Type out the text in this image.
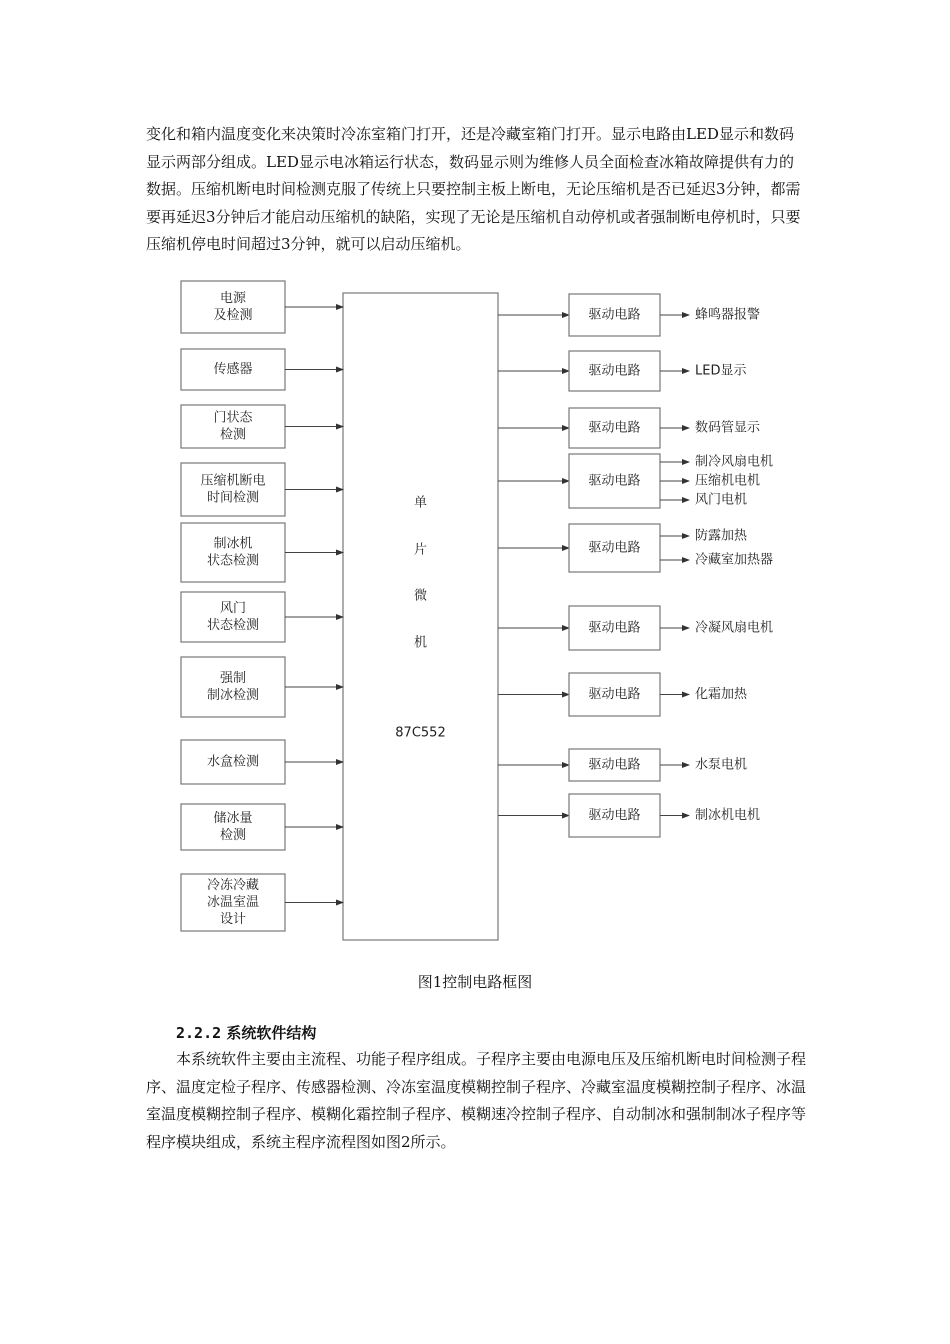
变化和箱内温度变化来决策时冷冻室箱门打开，还是冷藏室箱门打开。显示电路由LED显示和数码显示两部分组成。LED显示电冰箱运行状态，数码显示则为维修人员全面检查冰箱故障提供有力的数据。压缩机断电时间检测克服了传统上只要控制主板上断电，无论压缩机是否已延迟3分钟，都需要再延迟3分钟后才能启动压缩机的缺陷，实现了无论是压缩机自动停机或者强制断电停机时，只要压缩机停电时间超过3分钟，就可以启动压缩机。

单
片
微
机
87C552
电源
及检测
传感器
门状态
检测
压缩机断电
时间检测
制冰机
状态检测
风门
状态检测
强制
制冰检测
水盒检测
储冰量
检测
冷冻冷藏
冰温室温
设计
驱动电路	蜂鸣器报警
驱动电路	LED显示
驱动电路	数码管显示
驱动电路
制冷风扇电机
压缩机电机
风门电机
驱动电路
防露加热
冷藏室加热器
驱动电路	冷凝风扇电机
驱动电路	化霜加热
驱动电路	水泵电机
驱动电路	制冰机电机
图1控制电路框图
2.2.2 系统软件结构

本系统软件主要由主流程、功能子程序组成。子程序主要由电源电压及压缩机断电时间检测子程序、温度定检子程序、传感器检测、冷冻室温度模糊控制子程序、冷藏室温度模糊控制子程序、冰温室温度模糊控制子程序、模糊化霜控制子程序、模糊速冷控制子程序、自动制冰和强制制冰子程序等程序模块组成，系统主程序流程图如图2所示。
